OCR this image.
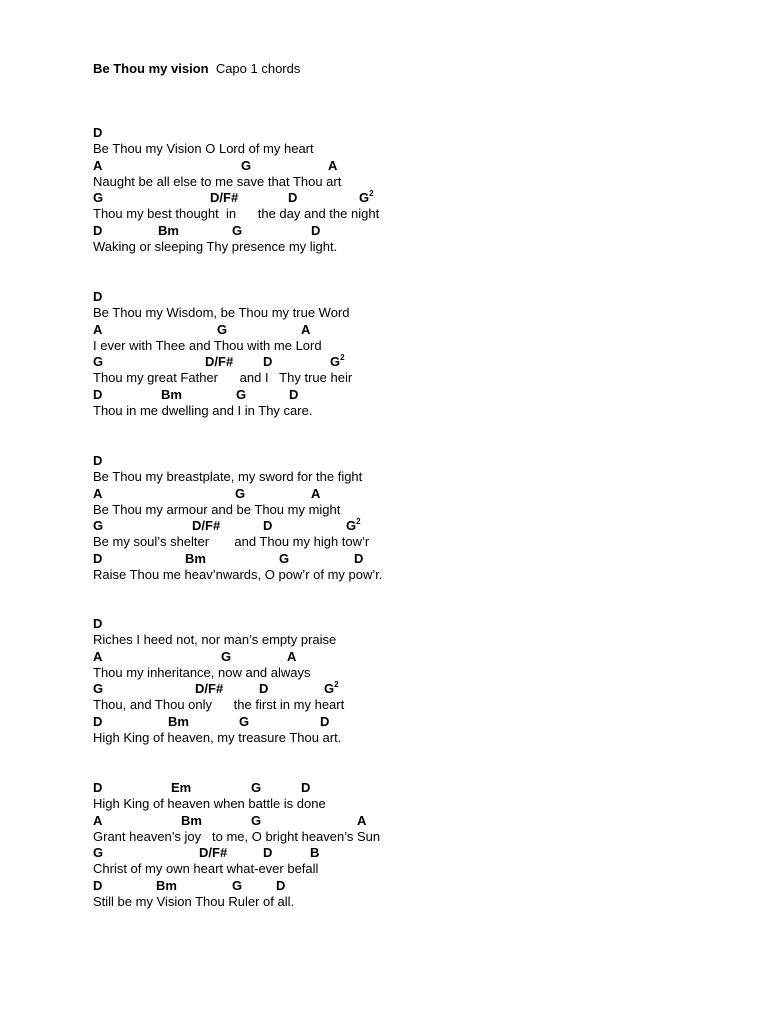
Be Thou my vision Capo 1 chords
D
Be Thou my Vision O Lord of my heart
A	G	A
Naught be all else to me save that Thou art
G	D/F#	D	$G^2$
Thou my best thought  in      the day and the night
D	Bm	G	D
Waking or sleeping Thy presence my light.
D
Be Thou my Wisdom, be Thou my true Word
A	G	A
I ever with Thee and Thou with me Lord
G	D/F# D	$G^2$
Thou my great Father      and I   Thy true heir
D	Bm	G	D
Thou in me dwelling and I in Thy care.
D
Be Thou my breastplate, my sword for the fight
A	G	A
Be Thou my armour and be Thou my might
G	D/F#	D	$G^2$
Be my soul’s shelter       and Thou my high tow’r
D	Bm	G	D
Raise Thou me heav’nwards, O pow’r of my pow’r.
D
Riches I heed not, nor man’s empty praise
A	G	A
Thou my inheritance, now and always
G	D/F#	D	$G^2$
Thou, and Thou only      the first in my heart
D	Bm	G	D
High King of heaven, my treasure Thou art.
D	Em	G	D
High King of heaven when battle is done
A	Bm	G	A
Grant heaven’s joy   to me, O bright heaven’s Sun
G	D/F#	D	B
Christ of my own heart what-ever befall
D	Bm	G	D
Still be my Vision Thou Ruler of all.
